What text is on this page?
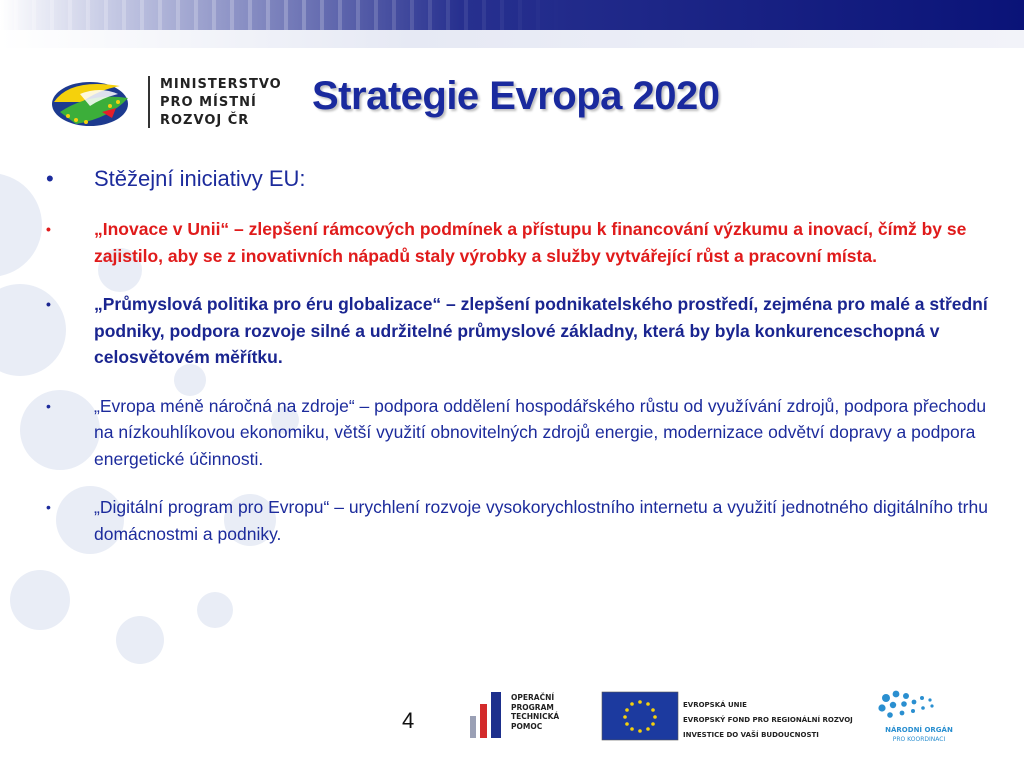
MINISTERSTVO
PRO MÍSTNÍ
ROZVOJ ČR
Strategie Evropa 2020
• Stěžejní iniciativy EU:
• „Inovace v Unii“ – zlepšení rámcových podmínek a přístupu k financování výzkumu a inovací, čímž by se zajistilo, aby se z inovativních nápadů staly výrobky a služby vytvářející růst a pracovní místa.
• „Průmyslová politika pro éru globalizace“ – zlepšení podnikatelského prostředí, zejména pro malé a střední podniky, podpora rozvoje silné a udržitelné průmyslové základny, která by byla konkurenceschopná v celosvětovém měřítku.
• „Evropa méně náročná na zdroje“ – podpora oddělení hospodářského růstu od využívání zdrojů, podpora přechodu na nízkouhlíkovou ekonomiku, větší využití obnovitelných zdrojů energie, modernizace odvětví dopravy a podpora energetické účinnosti.
• „Digitální program pro Evropu“ – urychlení rozvoje vysokorychlostního internetu a využití jednotného digitálního trhu domácnostmi a podniky.
4
OPERAČNÍ
PROGRAM
TECHNICKÁ
POMOC
EVROPSKÁ UNIE
EVROPSKÝ FOND PRO REGIONÁLNÍ ROZVOJ
INVESTICE DO VAŠÍ BUDOUCNOSTI
NÁRODNÍ ORGÁN
PRO KOORDINACI
